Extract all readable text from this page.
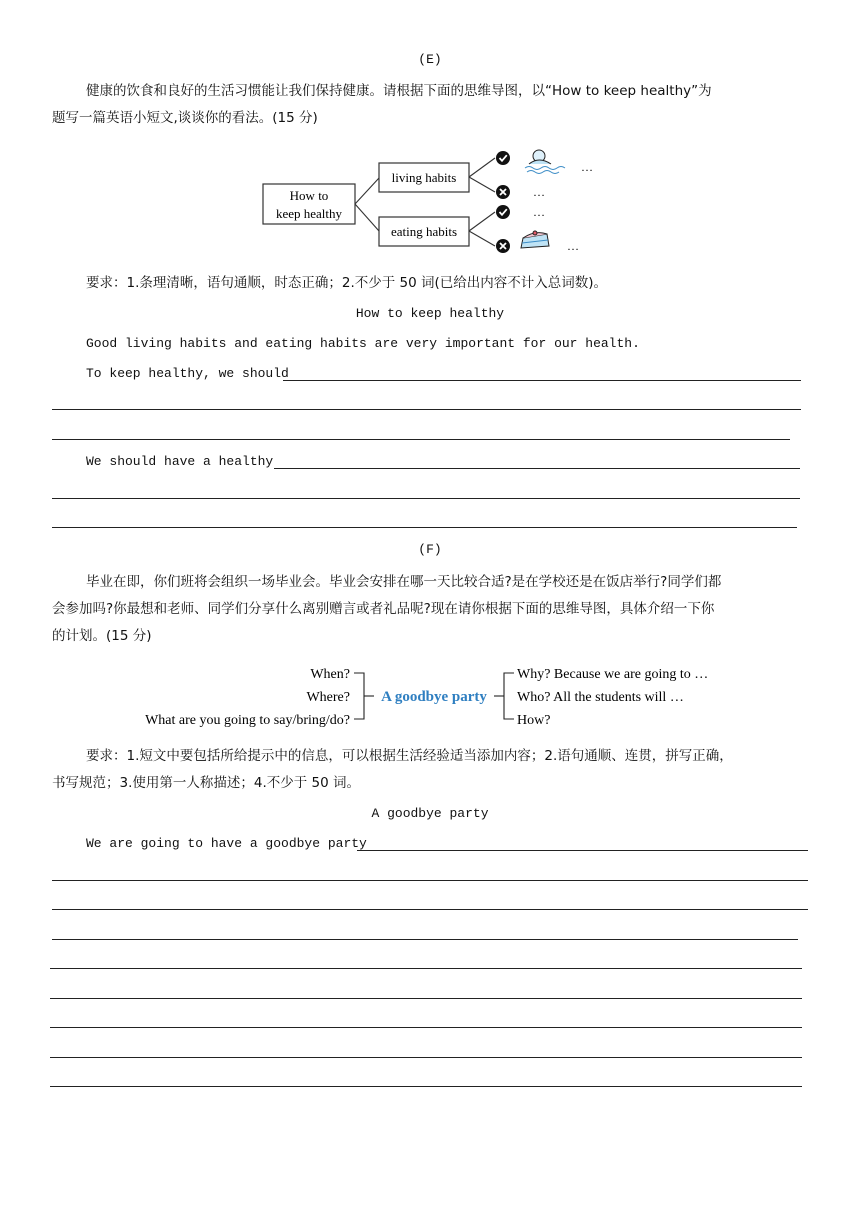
(E)
健康的饮食和良好的生活习惯能让我们保持健康。请根据下面的思维导图，以“How to keep healthy”为
题写一篇英语小短文,谈谈你的看法。(15 分)
How to
keep healthy
living habits
eating habits
…
…
…
…
要求：1.条理清晰，语句通顺，时态正确；2.不少于 50 词(已给出内容不计入总词数)。
How to keep healthy
Good living habits and eating habits are very important for our health.
To keep healthy, we should
We should have a healthy
(F)
毕业在即，你们班将会组织一场毕业会。毕业会安排在哪一天比较合适?是在学校还是在饭店举行?同学们都
会参加吗?你最想和老师、同学们分享什么离别赠言或者礼品呢?现在请你根据下面的思维导图，具体介绍一下你
的计划。(15 分)
When?
Where?
What are you going to say/bring/do?
A goodbye party
Why? Because we are going to …
Who? All the students will …
How?
要求：1.短文中要包括所给提示中的信息，可以根据生活经验适当添加内容；2.语句通顺、连贯，拼写正确，
书写规范；3.使用第一人称描述；4.不少于 50 词。
A goodbye party
We are going to have a goodbye party
